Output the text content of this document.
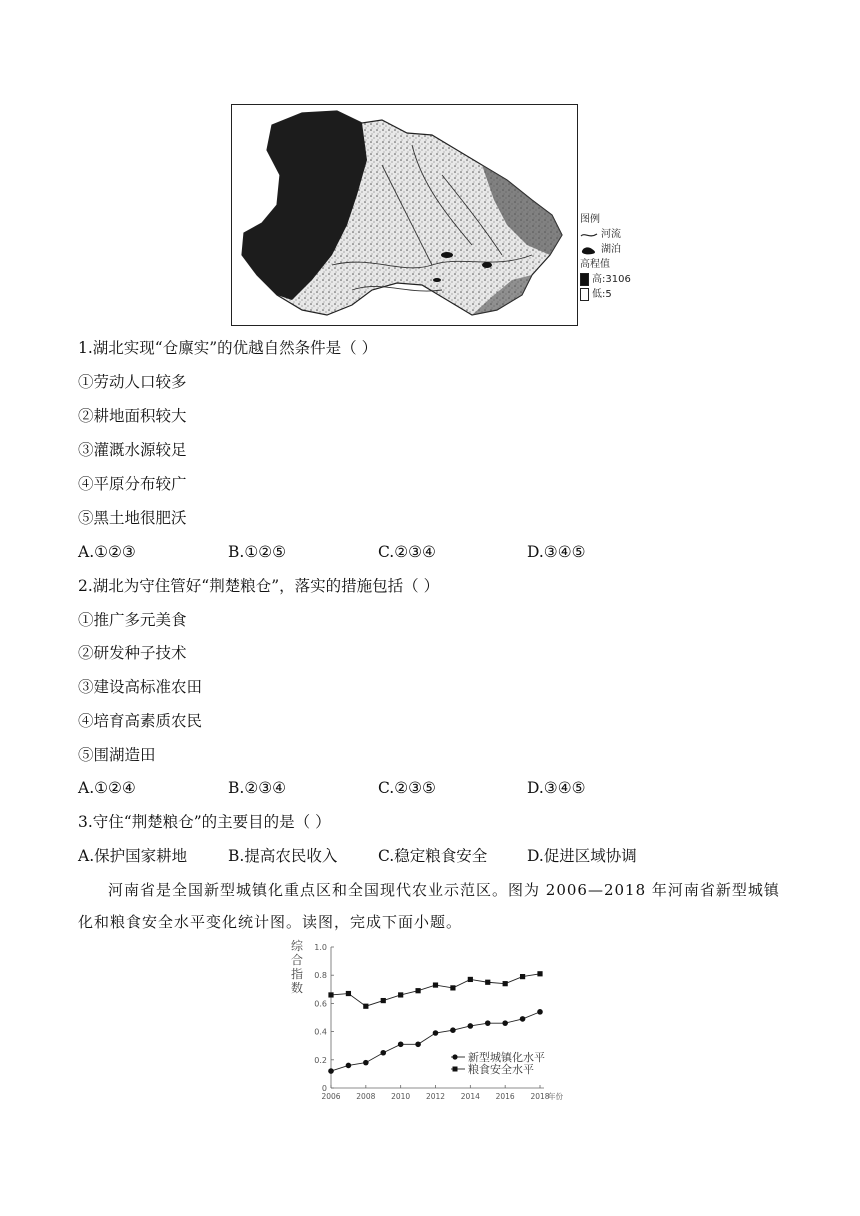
图例
河流
湖泊
高程值
高:3106
低:5
1.湖北实现“仓廪实”的优越自然条件是（ ）
①劳动人口较多
②耕地面积较大
③灌溉水源较足
④平原分布较广
⑤黑土地很肥沃
A.①②③	B.①②⑤	C.②③④	D.③④⑤
2.湖北为守住管好“荆楚粮仓”，落实的措施包括（ ）
①推广多元美食
②研发种子技术
③建设高标准农田
④培育高素质农民
⑤围湖造田
A.①②④	B.②③④	C.②③⑤	D.③④⑤
3.守住“荆楚粮仓”的主要目的是（ ）
A.保护国家耕地	B.提高农民收入	C.稳定粮食安全	D.促进区域协调
河南省是全国新型城镇化重点区和全国现代农业示范区。图为 2006—2018 年河南省新型城镇化和粮食安全水平变化统计图。读图，完成下面小题。
综
合
指
数
0
0.2
0.4
0.6
0.8
1.0
2006 2008 2010 2012 2014 2016 2018
年份
新型城镇化水平
粮食安全水平
